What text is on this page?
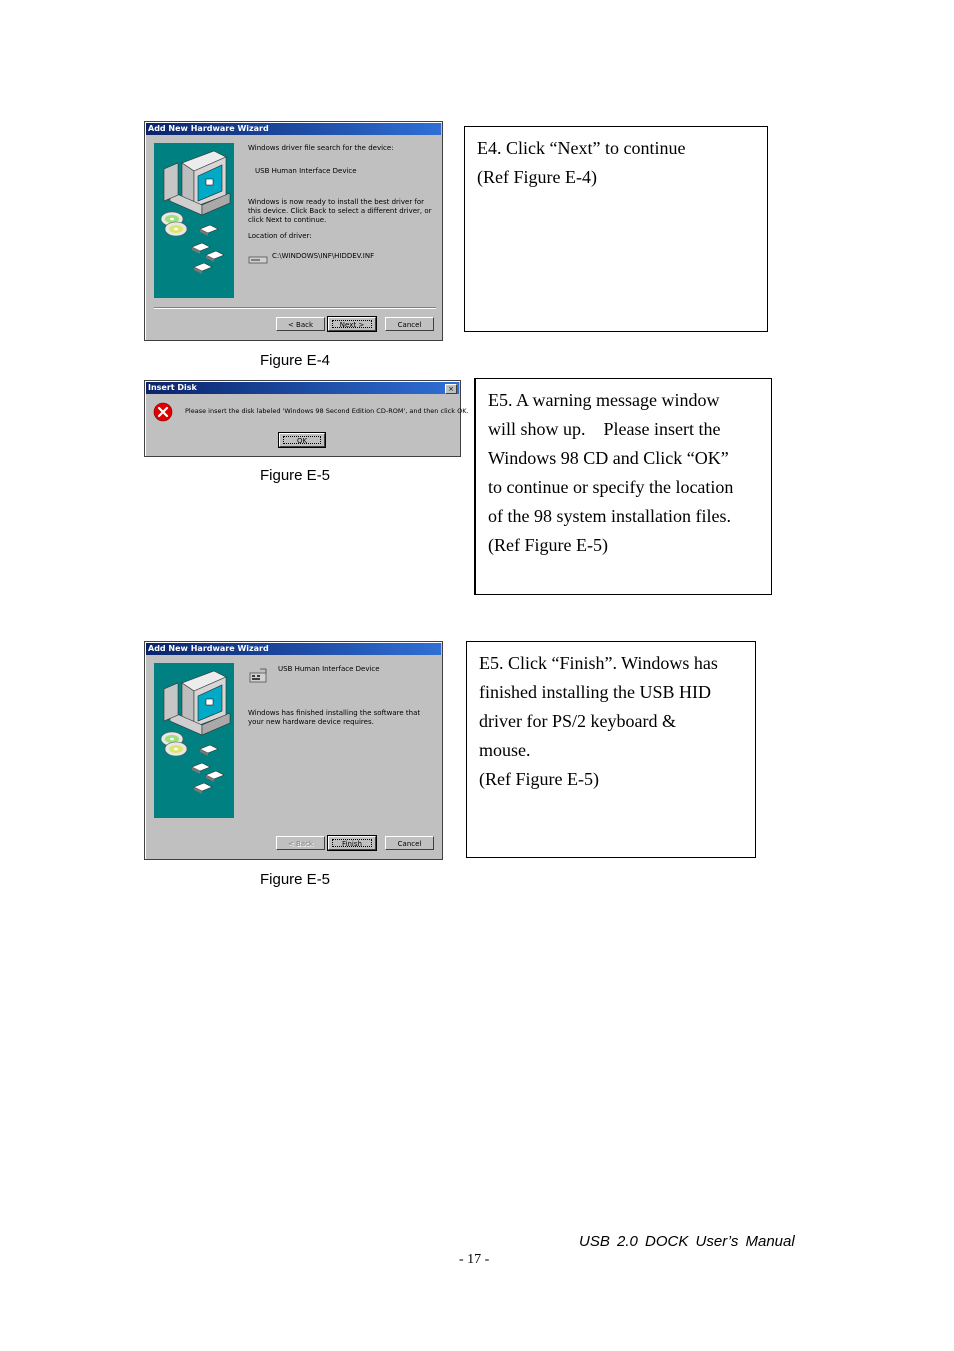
Add New Hardware Wizard

Windows driver file search for the device:

USB Human Interface Device

Windows is now ready to install the best driver for this device. Click Back to select a different driver, or click Next to continue.

Location of driver:

C:\WINDOWS\INF\HIDDEV.INF

< Back	Next >	Cancel
Figure E-4

E4. Click “Next” to continue

(Ref Figure E-4)

Insert Disk	×

Please insert the disk labeled 'Windows 98 Second Edition CD-ROM', and then click OK.

OK
Figure E-5

E5. A warning message window

will show up.    Please insert the

Windows 98 CD and Click “OK”

to continue or specify the location

of the 98 system installation files.

(Ref Figure E-5)

Add New Hardware Wizard

USB Human Interface Device

Windows has finished installing the software that your new hardware device requires.

< Back	Finish	Cancel
Figure E-5

E5. Click “Finish”. Windows has

finished installing the USB HID

driver for PS/2 keyboard &

mouse.

(Ref Figure E-5)

USB 2.0 DOCK User’s Manual
- 17 -
